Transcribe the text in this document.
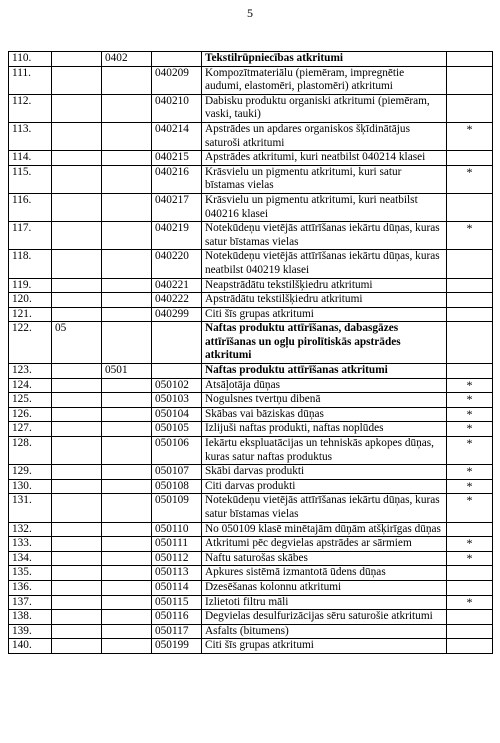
5
110.		0402		Tekstilrūpniecības atkritumi	
111.			040209	Kompozītmateriālu (piemēram, impregnētie audumi, elastomēri, plastomēri) atkritumi	
112.			040210	Dabisku produktu organiski atkritumi (piemēram, vaski, tauki)	
113.			040214	Apstrādes un apdares organiskos šķīdinātājus saturoši atkritumi	*
114.			040215	Apstrādes atkritumi, kuri neatbilst 040214 klasei	
115.			040216	Krāsvielu un pigmentu atkritumi, kuri satur bīstamas vielas	*
116.			040217	Krāsvielu un pigmentu atkritumi, kuri neatbilst 040216 klasei	
117.			040219	Notekūdeņu vietējās attīrīšanas iekārtu dūņas, kuras satur bīstamas vielas	*
118.			040220	Notekūdeņu vietējās attīrīšanas iekārtu dūņas, kuras neatbilst 040219 klasei	
119.			040221	Neapstrādātu tekstilšķiedru atkritumi	
120.			040222	Apstrādātu tekstilšķiedru atkritumi	
121.			040299	Citi šīs grupas atkritumi	
122.	05			Naftas produktu attīrīšanas, dabasgāzes attīrīšanas un ogļu pirolītiskās apstrādes atkritumi	
123.		0501		Naftas produktu attīrīšanas atkritumi	
124.			050102	Atsāļotāja dūņas	*
125.			050103	Nogulsnes tvertņu dibenā	*
126.			050104	Skābas vai bāziskas dūņas	*
127.			050105	Izlijuši naftas produkti, naftas noplūdes	*
128.			050106	Iekārtu ekspluatācijas un tehniskās apkopes dūņas, kuras satur naftas produktus	*
129.			050107	Skābi darvas produkti	*
130.			050108	Citi darvas produkti	*
131.			050109	Notekūdeņu vietējās attīrīšanas iekārtu dūņas, kuras satur bīstamas vielas	*
132.			050110	No 050109 klasē minētajām dūņām atšķirīgas dūņas	
133.			050111	Atkritumi pēc degvielas apstrādes ar sārmiem	*
134.			050112	Naftu saturošas skābes	*
135.			050113	Apkures sistēmā izmantotā ūdens dūņas	
136.			050114	Dzesēšanas kolonnu atkritumi	
137.			050115	Izlietoti filtru māli	*
138.			050116	Degvielas desulfurizācijas sēru saturošie atkritumi	
139.			050117	Asfalts (bitumens)	
140.			050199	Citi šīs grupas atkritumi	
